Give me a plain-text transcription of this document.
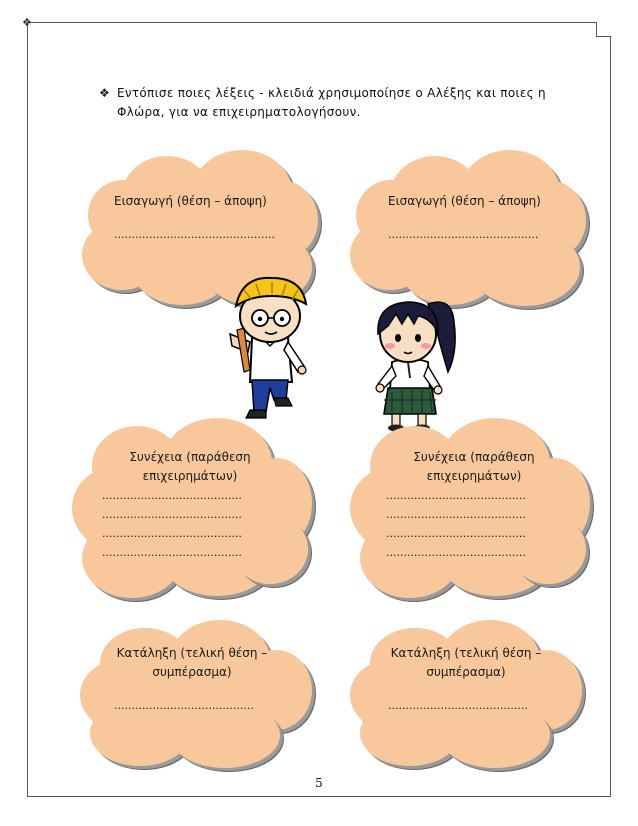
❖
❖ Εντόπισε ποιες λέξεις - κλειδιά χρησιμοποίησε ο Αλέξης και ποιες η Φλώρα, για να επιχειρηματολογήσουν.
Εισαγωγή (θέση – άποψη)
..............................................
Εισαγωγή (θέση – άποψη)
...........................................
Συνέχεια (παράθεση
επιχειρημάτων)
........................................
........................................
........................................
........................................
Συνέχεια (παράθεση
επιχειρημάτων)
........................................
........................................
........................................
........................................
Κατάληξη (τελική θέση –
συμπέρασμα)
........................................
Κατάληξη (τελική θέση –
συμπέρασμα)
........................................
5
